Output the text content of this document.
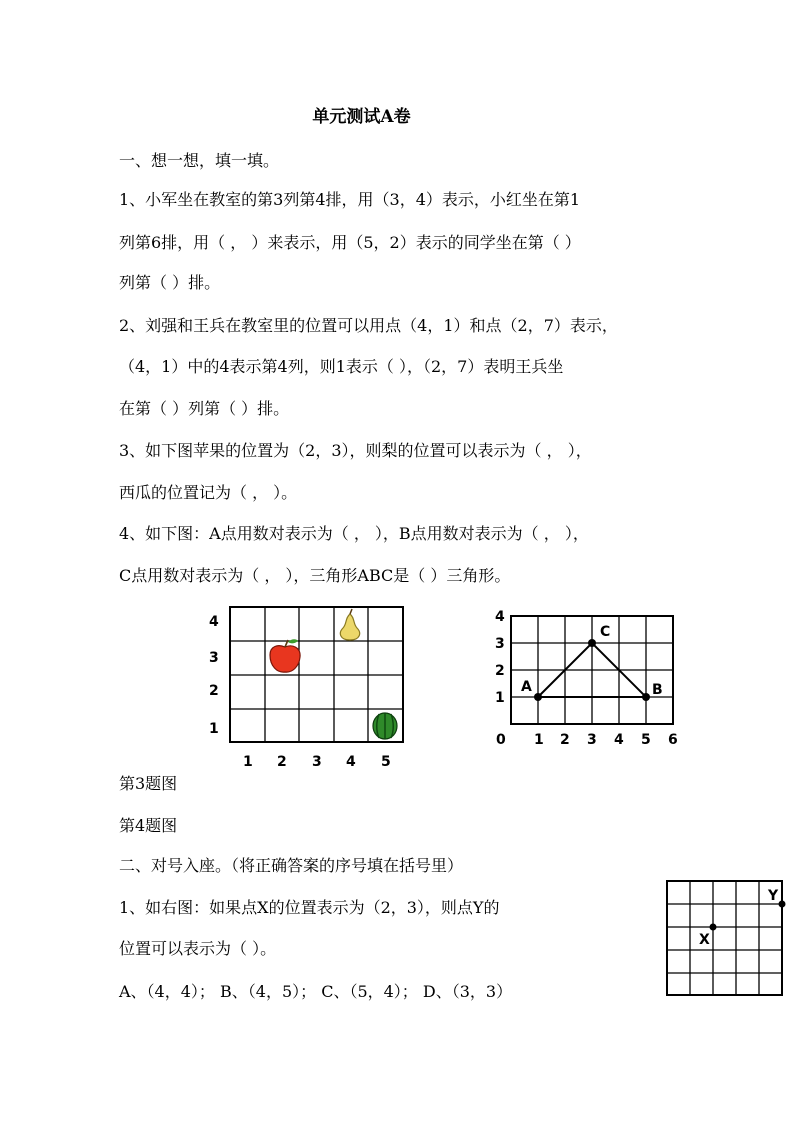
单元测试A卷
一、想一想，填一填。
1、小军坐在教室的第3列第4排，用（3，4）表示，小红坐在第1
列第6排，用（ ， ）来表示，用（5，2）表示的同学坐在第（ ）
列第（ ）排。
2、刘强和王兵在教室里的位置可以用点（4，1）和点（2，7）表示，
（4，1）中的4表示第4列，则1表示（ ），（2，7）表明王兵坐
在第（ ）列第（ ）排。
3、如下图苹果的位置为（2，3），则梨的位置可以表示为（ ， ），
西瓜的位置记为（ ， ）。
4、如下图：A点用数对表示为（ ， ），B点用数对表示为（ ， ），
C点用数对表示为（ ， ），三角形ABC是（ ）三角形。
4
3
2
1
1 2 3 4 5
4
3
2
1
0 1 2 3 4 5 6
A	B
C
第3题图
第4题图
二、对号入座。（将正确答案的序号填在括号里）
1、如右图：如果点X的位置表示为（2，3），则点Y的
位置可以表示为（ ）。
A、（4，4）； B、（4，5）； C、（5，4）； D、（3，3）
X
Y
